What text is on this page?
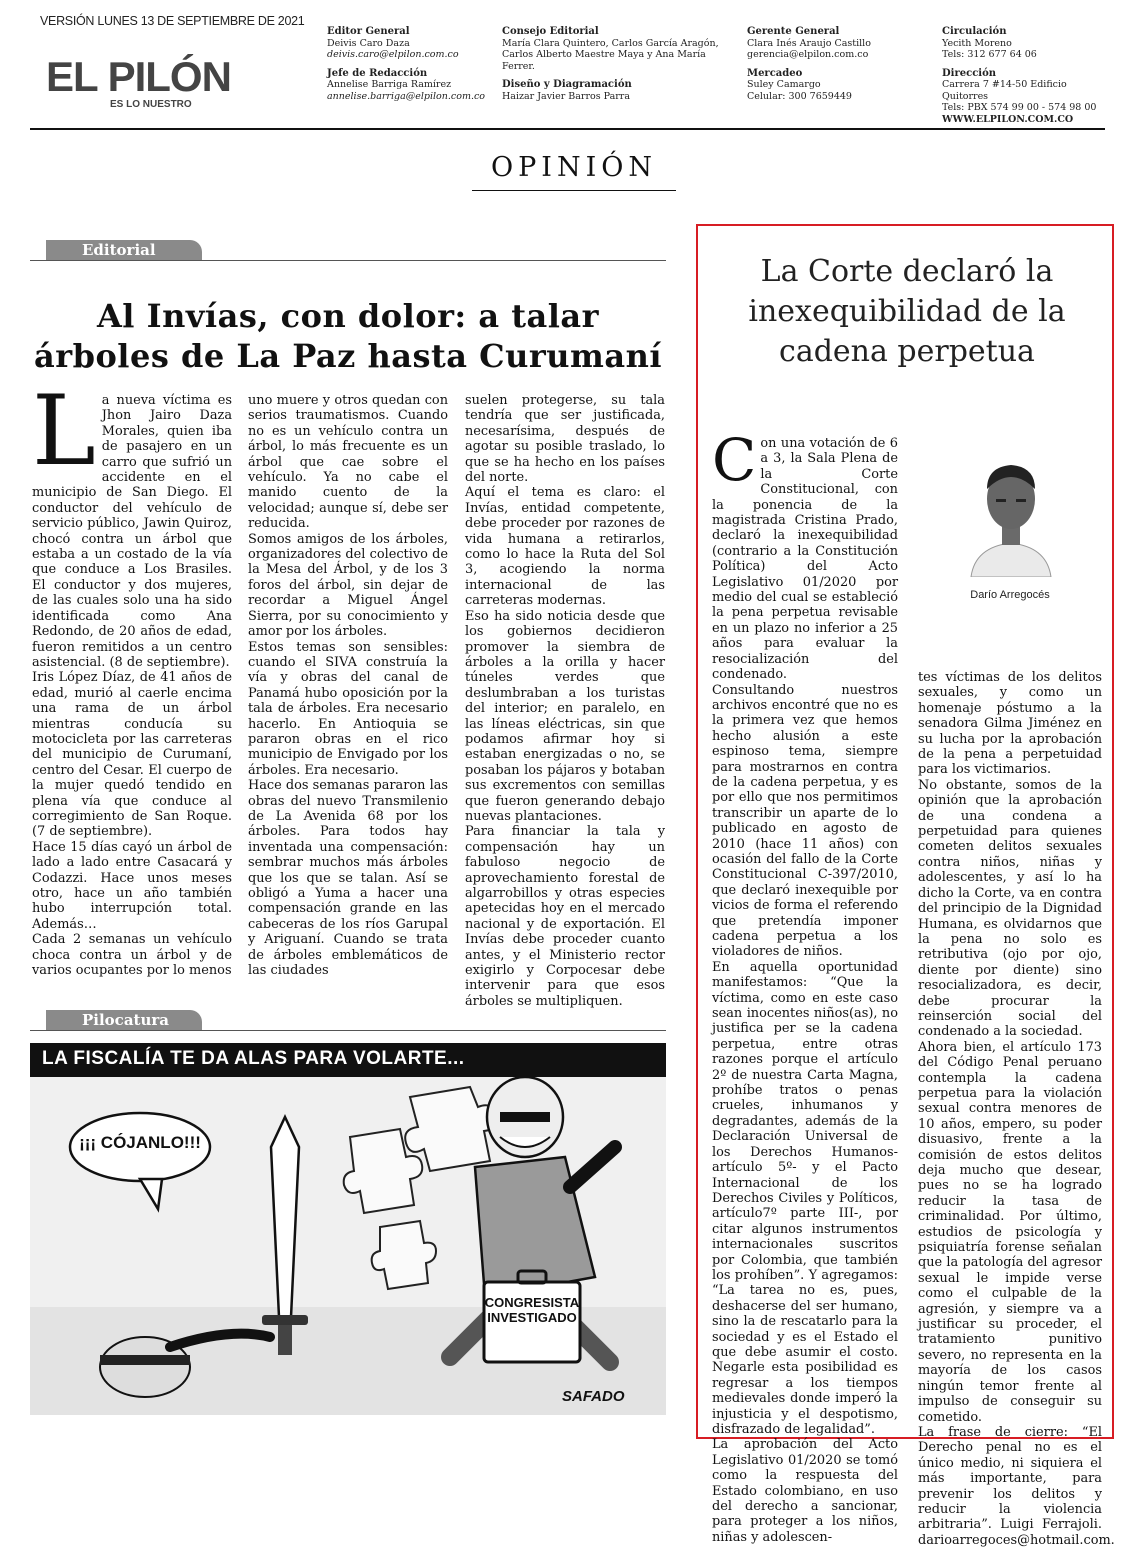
VERSIÓN LUNES 13 DE SEPTIEMBRE DE 2021
EL PILÓN
ES LO NUESTRO
Editor General
Deivis Caro Daza
deivis.caro@elpilon.com.co
Jefe de Redacción
Annelise Barriga Ramírez
annelise.barriga@elpilon.com.co
Consejo Editorial
María Clara Quintero, Carlos García Aragón,
Carlos Alberto Maestre Maya y Ana María
Ferrer.
Diseño y Diagramación
Haizar Javier Barros Parra
Gerente General
Clara Inés Araujo Castillo
gerencia@elpilon.com.co
Mercadeo
Suley Camargo
Celular: 300 7659449
Circulación
Yecith Moreno
Tels: 312 677 64 06
Dirección
Carrera 7 #14-50 Edificio Quitorres
Tels: PBX 574 99 00 - 574 98 00
WWW.ELPILON.COM.CO
OPINIÓN
Editorial
Al Invías, con dolor: a talar
árboles de La Paz hasta Curumaní
L a nueva víctima es Jhon Jairo Daza Morales, quien iba de pasajero en un carro que sufrió un accidente en el municipio de San Diego. El conductor del vehículo de servicio público, Jawin Quiroz, chocó contra un árbol que estaba a un costado de la vía que conduce a Los Brasiles. El conductor y dos mujeres, de las cuales solo una ha sido identificada como Ana Redondo, de 20 años de edad, fueron remitidos a un centro asistencial. (8 de septiembre).

Iris López Díaz, de 41 años de edad, murió al caerle encima una rama de un árbol mientras conducía su motocicleta por las carreteras del municipio de Curumaní, centro del Cesar. El cuerpo de la mujer quedó tendido en plena vía que conduce al corregimiento de San Roque. (7 de septiembre).

Hace 15 días cayó un árbol de lado a lado entre Casacará y Codazzi. Hace unos meses otro, hace un año también hubo interrupción total. Además…

Cada 2 semanas un vehículo choca contra un árbol y de varios ocupantes por lo menos

uno muere y otros quedan con serios traumatismos. Cuando no es un vehículo contra un árbol, lo más frecuente es un árbol que cae sobre el vehículo. Ya no cabe el manido cuento de la velocidad; aunque sí, debe ser reducida.

Somos amigos de los árboles, organizadores del colectivo de la Mesa del Árbol, y de los 3 foros del árbol, sin dejar de recordar a Miguel Ángel Sierra, por su conocimiento y amor por los árboles.

Estos temas son sensibles: cuando el SIVA construía la vía y obras del canal de Panamá hubo oposición por la tala de árboles. Era necesario hacerlo. En Antioquia se pararon obras en el rico municipio de Envigado por los árboles. Era necesario.

Hace dos semanas pararon las obras del nuevo Transmilenio de La Avenida 68 por los árboles. Para todos hay inventada una compensación: sembrar muchos más árboles que los que se talan. Así se obligó a Yuma a hacer una compensación grande en las cabeceras de los ríos Garupal y Ariguaní. Cuando se trata de árboles emblemáticos de las ciudades

suelen protegerse, su tala tendría que ser justificada, necesarísima, después de agotar su posible traslado, lo que se ha hecho en los países del norte.

Aquí el tema es claro: el Invías, entidad competente, debe proceder por razones de vida humana a retirarlos, como lo hace la Ruta del Sol 3, acogiendo la norma internacional de las carreteras modernas.

Eso ha sido noticia desde que los gobiernos decidieron promover la siembra de árboles a la orilla y hacer túneles verdes que deslumbraban a los turistas del interior; en paralelo, en las líneas eléctricas, sin que podamos afirmar hoy si estaban energizadas o no, se posaban los pájaros y botaban sus excrementos con semillas que fueron generando debajo nuevas plantaciones.

Para financiar la tala y compensación hay un fabuloso negocio de aprovechamiento forestal de algarrobillos y otras especies apetecidas hoy en el mercado nacional y de exportación. El Invías debe proceder cuanto antes, y el Ministerio rector exigirlo y Corpocesar debe intervenir para que esos árboles se multipliquen.

Pilocatura
LA FISCALÍA TE DA ALAS PARA VOLARTE...
¡¡¡ CÓJANLO!!!
CONGRESISTA
INVESTIGADO
SAFADO
La Corte declaró la
inexequibilidad de la
cadena perpetua
Darío Arregocés
C on una votación de 6 a 3, la Sala Plena de la Corte Constitucional, con la ponencia de la magistrada Cristina Prado, declaró la inexequibilidad (contrario a la Constitución Política) del Acto Legislativo 01/2020 por medio del cual se estableció la pena perpetua revisable en un plazo no inferior a 25 años para evaluar la resocialización del condenado.

Consultando nuestros archivos encontré que no es la primera vez que hemos hecho alusión a este espinoso tema, siempre para mostrarnos en contra de la cadena perpetua, y es por ello que nos permitimos transcribir un aparte de lo publicado en agosto de 2010 (hace 11 años) con ocasión del fallo de la Corte Constitucional C-397/2010, que declaró inexequible por vicios de forma el referendo que pretendía imponer cadena perpetua a los violadores de niños.

En aquella oportunidad manifestamos: “Que la víctima, como en este caso sean inocentes niños(as), no justifica per se la cadena perpetua, entre otras razones porque el artículo 2º de nuestra Carta Magna, prohíbe tratos o penas crueles, inhumanos y degradantes, además de la Declaración Universal de los Derechos Humanos- artículo 5º- y el Pacto Internacional de los Derechos Civiles y Políticos, artículo7º parte III-, por citar algunos instrumentos internacionales suscritos por Colombia, que también los prohíben”. Y agregamos: “La tarea no es, pues, deshacerse del ser humano, sino la de rescatarlo para la sociedad y es el Estado el que debe asumir el costo. Negarle esta posibilidad es regresar a los tiempos medievales donde imperó la injusticia y el despotismo, disfrazado de legalidad”.

La aprobación del Acto Legislativo 01/2020 se tomó como la respuesta del Estado colombiano, en uso del derecho a sancionar, para proteger a los niños, niñas y adolescen-

tes víctimas de los delitos sexuales, y como un homenaje póstumo a la senadora Gilma Jiménez en su lucha por la aprobación de la pena a perpetuidad para los victimarios.

No obstante, somos de la opinión que la aprobación de una condena a perpetuidad para quienes cometen delitos sexuales contra niños, niñas y adolescentes, y así lo ha dicho la Corte, va en contra del principio de la Dignidad Humana, es olvidarnos que la pena no solo es retributiva (ojo por ojo, diente por diente) sino resocializadora, es decir, debe procurar la reinserción social del condenado a la sociedad.

Ahora bien, el artículo 173 del Código Penal peruano contempla la cadena perpetua para la violación sexual contra menores de 10 años, empero, su poder disuasivo, frente a la comisión de estos delitos deja mucho que desear, pues no se ha logrado reducir la tasa de criminalidad. Por último, estudios de psicología y psiquiatría forense señalan que la patología del agresor sexual le impide verse como el culpable de la agresión, y siempre va a justificar su proceder, el tratamiento punitivo severo, no representa en la mayoría de los casos ningún temor frente al impulso de conseguir su cometido.

La frase de cierre: “El Derecho penal no es el único medio, ni siquiera el más importante, para prevenir los delitos y reducir la violencia arbitraria”. Luigi Ferrajoli. darioarregoces@hotmail.com.
